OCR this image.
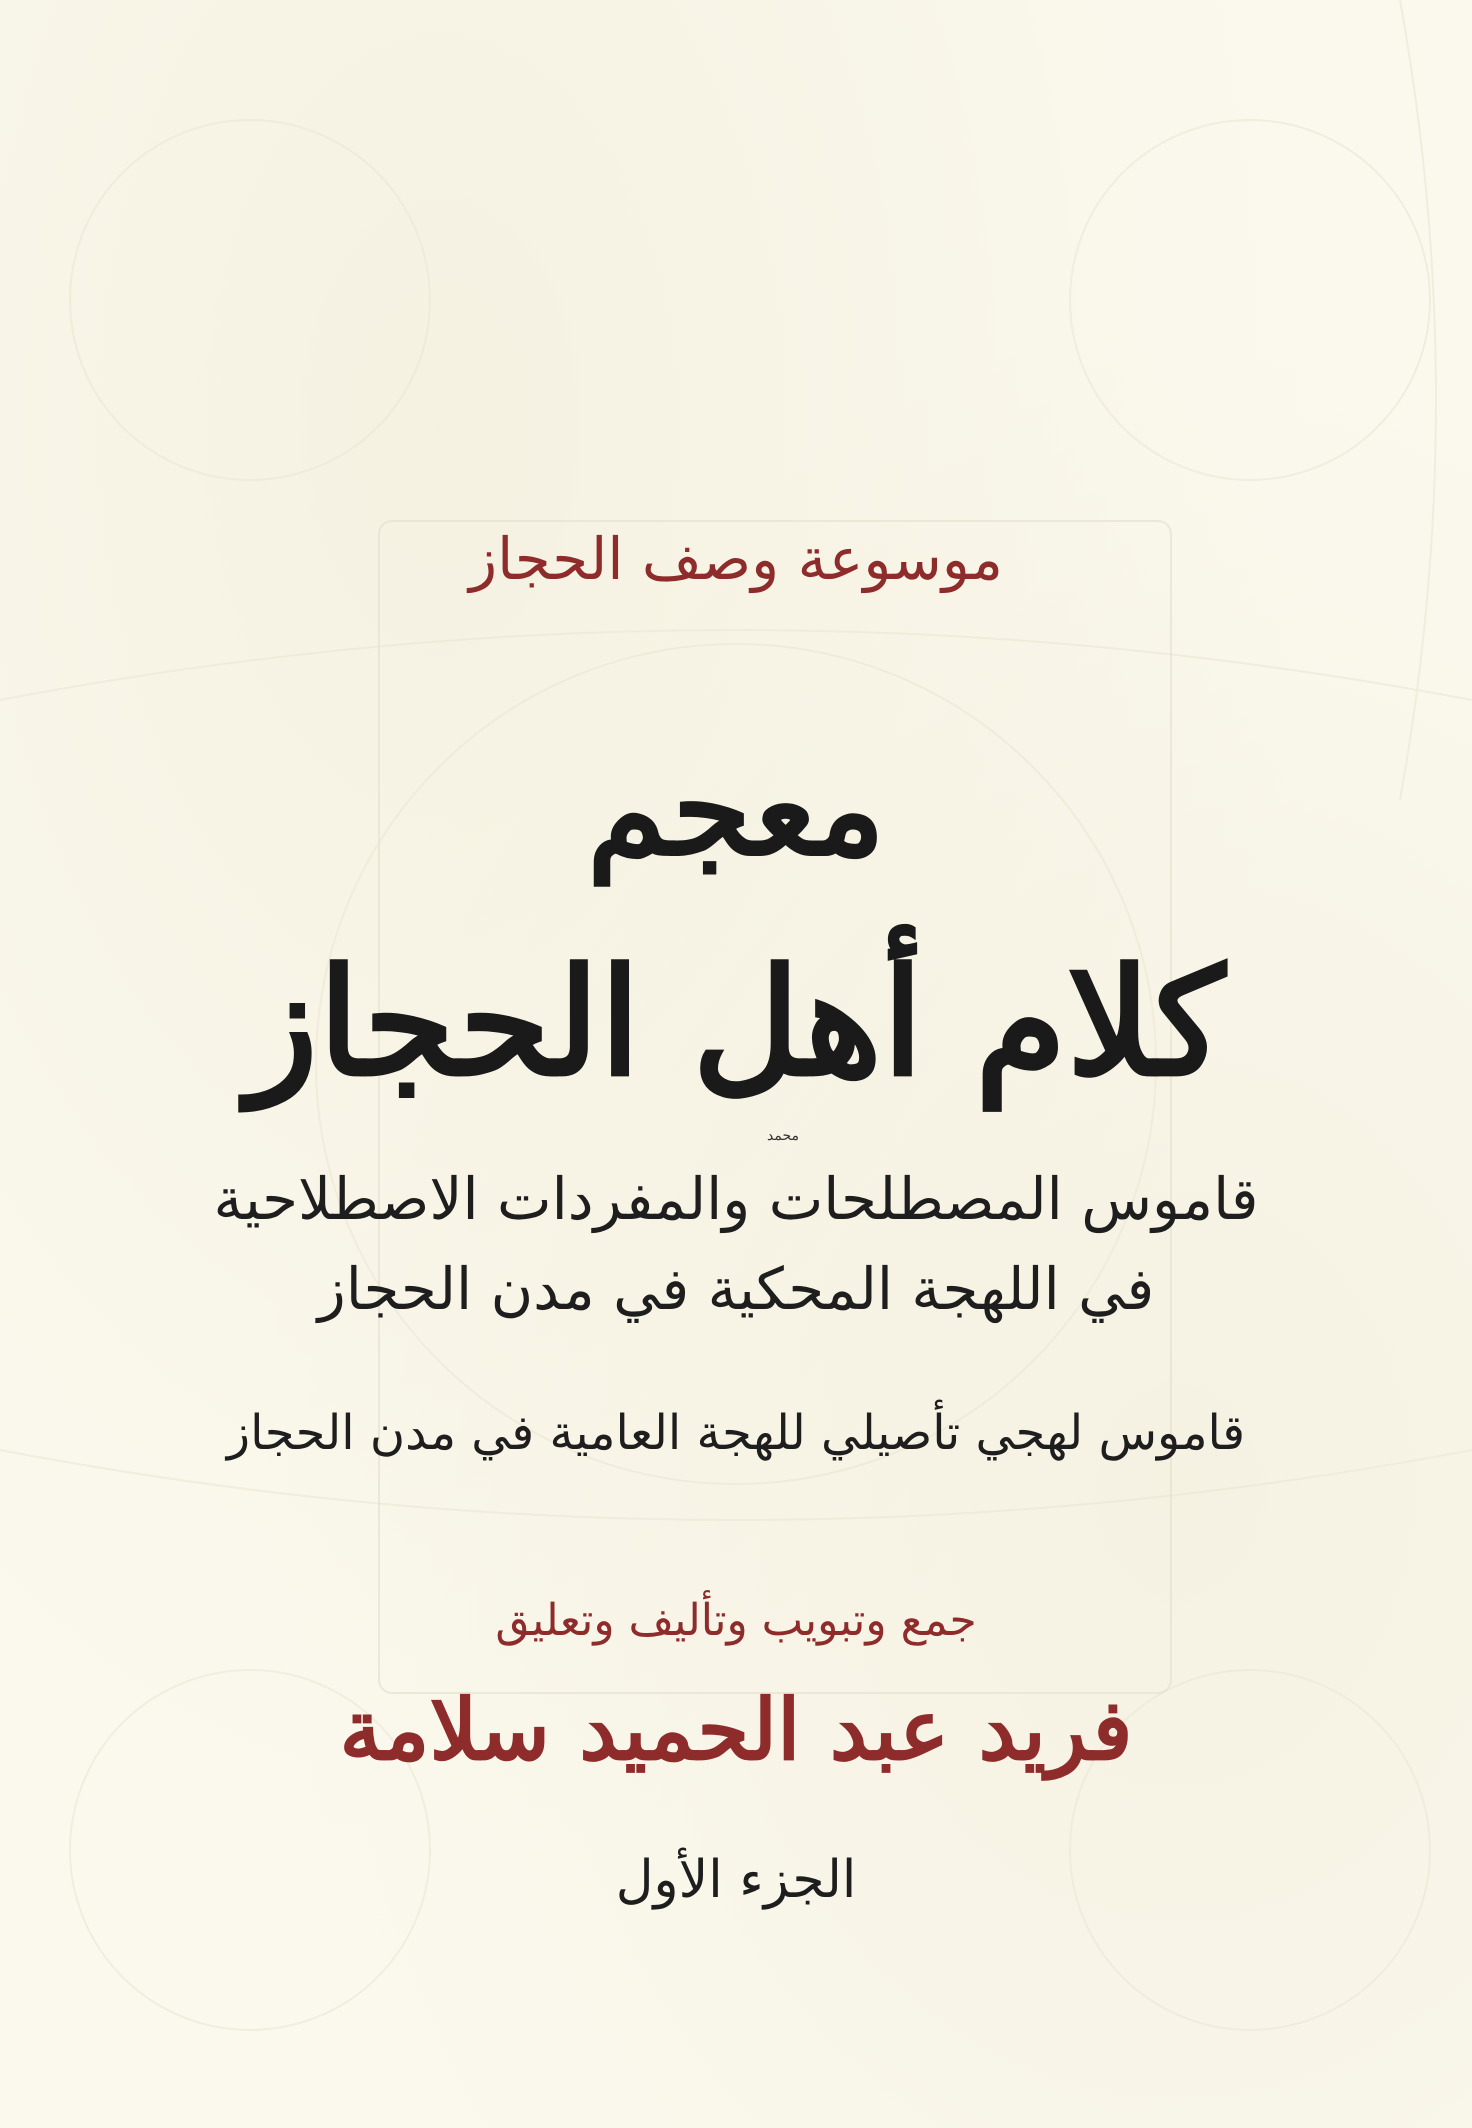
موسوعة وصف الحجاز
معجم
كلام أهل الحجاز
محمد
قاموس المصطلحات والمفردات الاصطلاحية
في اللهجة المحكية في مدن الحجاز
قاموس لهجي تأصيلي للهجة العامية في مدن الحجاز
جمع وتبويب وتأليف وتعليق
فريد عبد الحميد سلامة
الجزء الأول
